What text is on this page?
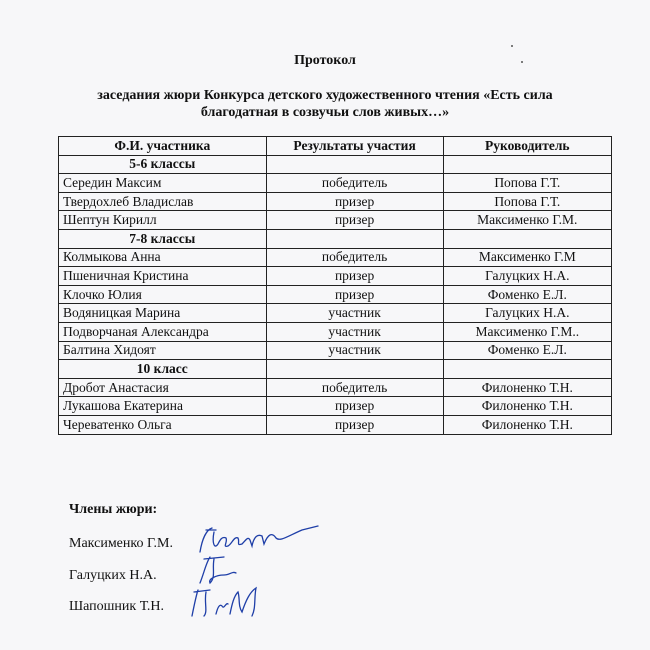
Протокол
заседания жюри Конкурса детского художественного чтения «Есть сила
благодатная в созвучьи слов живых…»
Ф.И. участника	Результаты участия	Руководитель
5-6 классы		
Середин Максим	победитель	Попова Г.Т.
Твердохлеб Владислав	призер	Попова Г.Т.
Шептун Кирилл	призер	Максименко Г.М.
7-8 классы		
Колмыкова Анна	победитель	Максименко Г.М
Пшеничная Кристина	призер	Галуцких Н.А.
Клочко Юлия	призер	Фоменко Е.Л.
Водяницкая Марина	участник	Галуцких Н.А.
Подворчаная Александра	участник	Максименко Г.М..
Балтина Хидоят	участник	Фоменко Е.Л.
10 класс		
Дробот Анастасия	победитель	Филоненко Т.Н.
Лукашова Екатерина	призер	Филоненко Т.Н.
Череватенко Ольга	призер	Филоненко Т.Н.
Члены жюри:
Максименко Г.М.
Галуцких Н.А.
Шапошник Т.Н.
